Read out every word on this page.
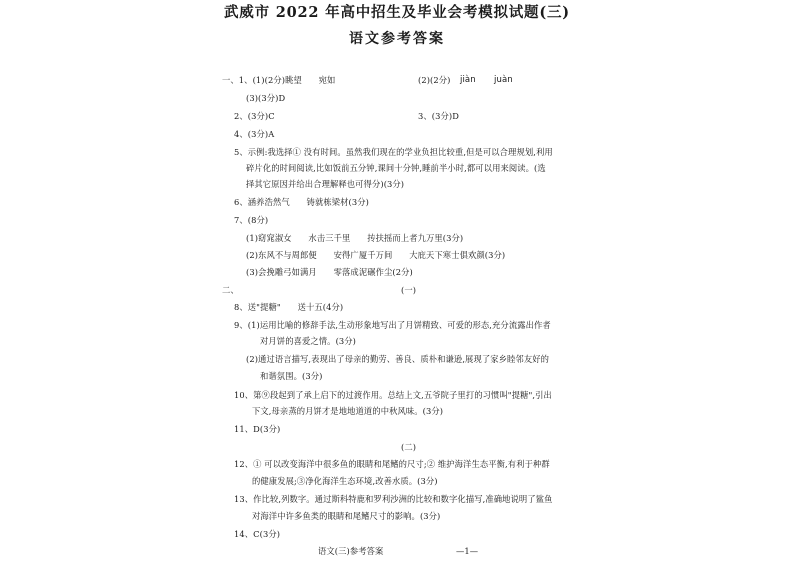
武威市 2022 年高中招生及毕业会考模拟试题(三)
语文参考答案
一、1、(1)(2分)眺望　　宛如	(2)(2分) jiàn juàn
(3)(3分)D
2、(3分)C	3、(3分)D
4、(3分)A
5、示例:我选择① 没有时间。虽然我们现在的学业负担比较重,但是可以合理规划,利用
碎片化的时间阅读,比如饭前五分钟,课间十分钟,睡前半小时,都可以用来阅读。(选
择其它原因并给出合理解释也可得分)(3分)
6、涵养浩然气　　铸就栋梁材(3分)
7、(8分)
(1)窈窕淑女　　水击三千里　　抟扶摇而上者九万里(3分)
(2)东风不与周郎便　　安得广厦千万间　　大庇天下寒士俱欢颜(3分)
(3)会挽雕弓如满月　　零落成泥碾作尘(2分)
二、	(一)
8、送"提糖"　　送十五(4分)
9、(1)运用比喻的修辞手法,生动形象地写出了月饼精致、可爱的形态,充分流露出作者
对月饼的喜爱之情。(3分)
(2)通过语言描写,表现出了母亲的勤劳、善良、质朴和谦逊,展现了家乡睦邻友好的
和谐氛围。(3分)
10、第⑨段起到了承上启下的过渡作用。总结上文,五爷院子里打的习惯叫"提糖",引出
下文,母亲蒸的月饼才是地地道道的中秋风味。(3分)
11、D(3分)
(二)
12、① 可以改变海洋中很多鱼的眼睛和尾鳍的尺寸;② 维护海洋生态平衡,有利于种群
的健康发展;③净化海洋生态环境,改善水质。(3分)
13、作比较,列数字。通过斯科特鹿和罗利沙洲的比较和数字化描写,准确地说明了鲨鱼
对海洋中许多鱼类的眼睛和尾鳍尺寸的影响。(3分)
14、C(3分)
语文(三)参考答案	—1—
